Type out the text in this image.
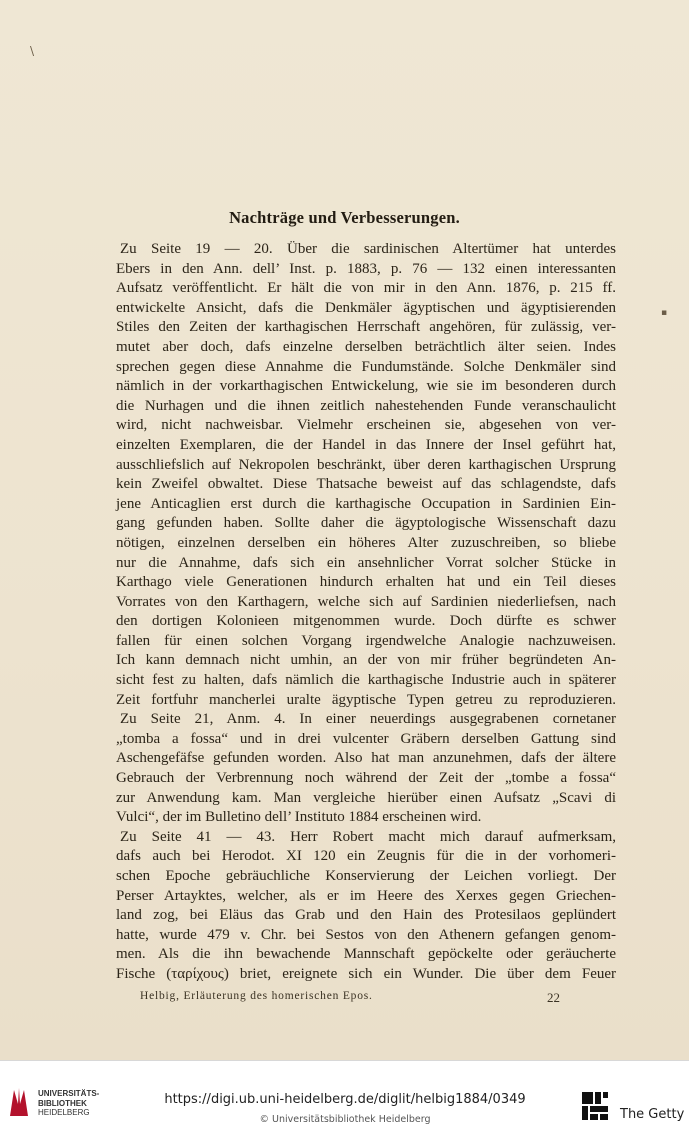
\
▪
Nachträge und Verbesserungen.

Zu Seite 19 — 20. Über die sardinischen Altertümer hat unterdes

Ebers in den Ann. dell’ Inst. p. 1883, p. 76 — 132 einen interessanten

Aufsatz veröffentlicht. Er hält die von mir in den Ann. 1876, p. 215 ff.

entwickelte Ansicht, dafs die Denkmäler ägyptischen und ägyptisierenden

Stiles den Zeiten der karthagischen Herrschaft angehören, für zulässig, ver-

mutet aber doch, dafs einzelne derselben beträchtlich älter seien. Indes

sprechen gegen diese Annahme die Fundumstände. Solche Denkmäler sind

nämlich in der vorkarthagischen Entwickelung, wie sie im besonderen durch

die Nurhagen und die ihnen zeitlich nahestehenden Funde veranschaulicht

wird, nicht nachweisbar. Vielmehr erscheinen sie, abgesehen von ver-

einzelten Exemplaren, die der Handel in das Innere der Insel geführt hat,

ausschliefslich auf Nekropolen beschränkt, über deren karthagischen Ursprung

kein Zweifel obwaltet. Diese Thatsache beweist auf das schlagendste, dafs

jene Anticaglien erst durch die karthagische Occupation in Sardinien Ein-

gang gefunden haben. Sollte daher die ägyptologische Wissenschaft dazu

nötigen, einzelnen derselben ein höheres Alter zuzuschreiben, so bliebe

nur die Annahme, dafs sich ein ansehnlicher Vorrat solcher Stücke in

Karthago viele Generationen hindurch erhalten hat und ein Teil dieses

Vorrates von den Karthagern, welche sich auf Sardinien niederliefsen, nach

den dortigen Kolonieen mitgenommen wurde. Doch dürfte es schwer

fallen für einen solchen Vorgang irgendwelche Analogie nachzuweisen.

Ich kann demnach nicht umhin, an der von mir früher begründeten An-

sicht fest zu halten, dafs nämlich die karthagische Industrie auch in späterer

Zeit fortfuhr mancherlei uralte ägyptische Typen getreu zu reproduzieren.

Zu Seite 21, Anm. 4. In einer neuerdings ausgegrabenen cornetaner

„tomba a fossa“ und in drei vulcenter Gräbern derselben Gattung sind

Aschengefäfse gefunden worden. Also hat man anzunehmen, dafs der ältere

Gebrauch der Verbrennung noch während der Zeit der „tombe a fossa“

zur Anwendung kam. Man vergleiche hierüber einen Aufsatz „Scavi di

Vulci“, der im Bulletino dell’ Instituto 1884 erscheinen wird.

Zu Seite 41 — 43. Herr Robert macht mich darauf aufmerksam,

dafs auch bei Herodot. XI 120 ein Zeugnis für die in der vorhomeri-

schen Epoche gebräuchliche Konservierung der Leichen vorliegt. Der

Perser Artayktes, welcher, als er im Heere des Xerxes gegen Griechen-

land zog, bei Eläus das Grab und den Hain des Protesilaos geplündert

hatte, wurde 479 v. Chr. bei Sestos von den Athenern gefangen genom-

men. Als die ihn bewachende Mannschaft gepöckelte oder geräucherte

Fische (ταρίχους) briet, ereignete sich ein Wunder. Die über dem Feuer

Helbig, Erläuterung des homerischen Epos.	22
UNIVERSITÄTS-
BIBLIOTHEK
HEIDELBERG
https://digi.ub.uni-heidelberg.de/diglit/helbig1884/0349
© Universitätsbibliothek Heidelberg	The Getty
